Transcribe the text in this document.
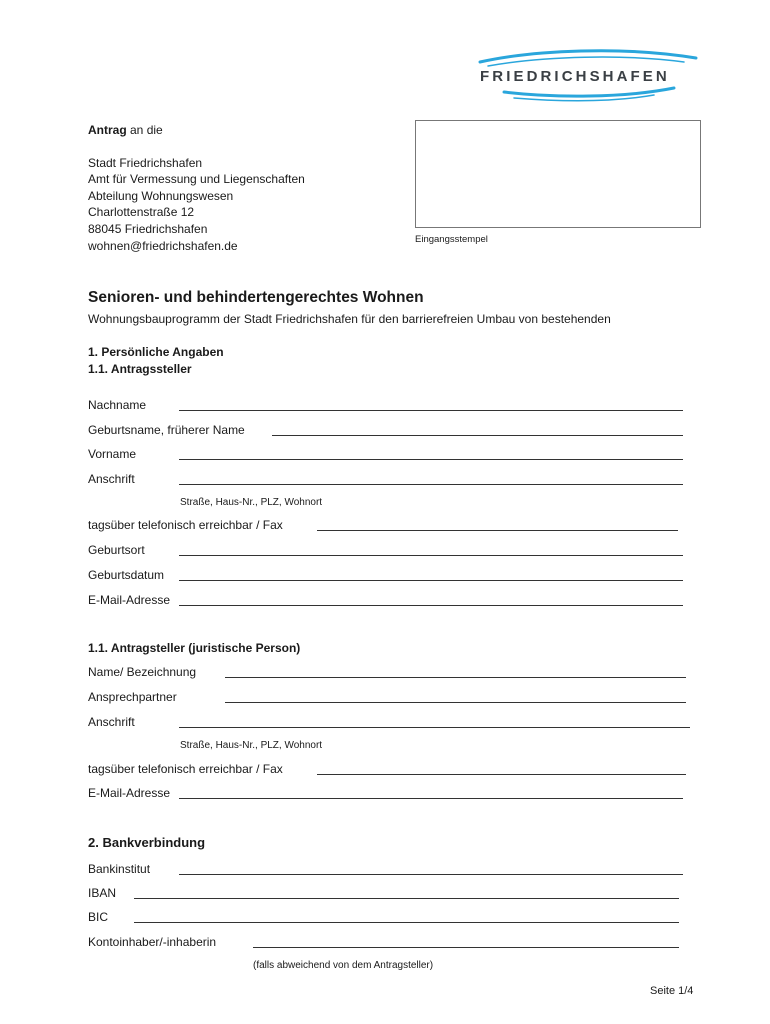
FRIEDRICHSHAFEN
Antrag an die
Stadt Friedrichshafen
Amt für Vermessung und Liegenschaften
Abteilung Wohnungswesen
Charlottenstraße 12
88045 Friedrichshafen
wohnen@friedrichshafen.de	Eingangsstempel
Senioren- und behindertengerechtes Wohnen
Wohnungsbauprogramm der Stadt Friedrichshafen für den barrierefreien Umbau von bestehenden
1. Persönliche Angaben
1.1. Antragssteller
Nachname
Geburtsname, früherer Name
Vorname
Anschrift
Straße, Haus-Nr., PLZ, Wohnort
tagsüber telefonisch erreichbar / Fax
Geburtsort
Geburtsdatum
E-Mail-Adresse
1.1. Antragsteller (juristische Person)
Name/ Bezeichnung
Ansprechpartner
Anschrift
Straße, Haus-Nr., PLZ, Wohnort
tagsüber telefonisch erreichbar / Fax
E-Mail-Adresse
2. Bankverbindung
Bankinstitut
IBAN
BIC
Kontoinhaber/-inhaberin
(falls abweichend von dem Antragsteller)
Seite 1/4
